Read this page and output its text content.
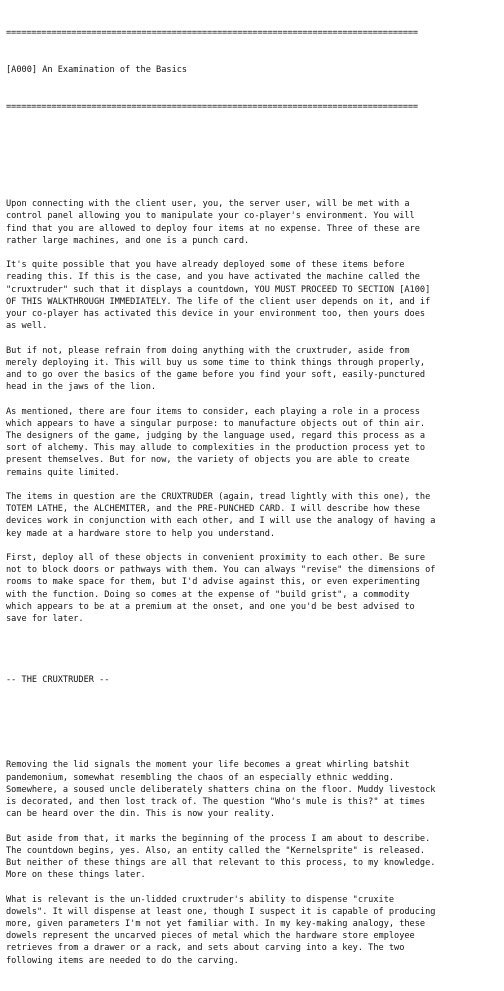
==================================================================================

[A000] An Examination of the Basics

==================================================================================

Upon connecting with the client user, you, the server user, will be met with a
control panel allowing you to manipulate your co-player's environment. You will
find that you are allowed to deploy four items at no expense. Three of these are
rather large machines, and one is a punch card.
It's quite possible that you have already deployed some of these items before
reading this. If this is the case, and you have activated the machine called the
"cruxtruder" such that it displays a countdown, YOU MUST PROCEED TO SECTION [A100]
OF THIS WALKTHROUGH IMMEDIATELY. The life of the client user depends on it, and if
your co-player has activated this device in your environment too, then yours does
as well.
But if not, please refrain from doing anything with the cruxtruder, aside from
merely deploying it. This will buy us some time to think things through properly,
and to go over the basics of the game before you find your soft, easily-punctured
head in the jaws of the lion.
As mentioned, there are four items to consider, each playing a role in a process
which appears to have a singular purpose: to manufacture objects out of thin air.
The designers of the game, judging by the language used, regard this process as a
sort of alchemy. This may allude to complexities in the production process yet to
present themselves. But for now, the variety of objects you are able to create
remains quite limited.
The items in question are the CRUXTRUDER (again, tread lightly with this one), the
TOTEM LATHE, the ALCHEMITER, and the PRE-PUNCHED CARD. I will describe how these
devices work in conjunction with each other, and I will use the analogy of having a
key made at a hardware store to help you understand.
First, deploy all of these objects in convenient proximity to each other. Be sure
not to block doors or pathways with them. You can always "revise" the dimensions of
rooms to make space for them, but I'd advise against this, or even experimenting
with the function. Doing so comes at the expense of "build grist", a commodity
which appears to be at a premium at the onset, and one you'd be best advised to
save for later.

-- THE CRUXTRUDER --

Removing the lid signals the moment your life becomes a great whirling batshit
pandemonium, somewhat resembling the chaos of an especially ethnic wedding.
Somewhere, a soused uncle deliberately shatters china on the floor. Muddy livestock
is decorated, and then lost track of. The question "Who's mule is this?" at times
can be heard over the din. This is now your reality.
But aside from that, it marks the beginning of the process I am about to describe.
The countdown begins, yes. Also, an entity called the "Kernelsprite" is released.
But neither of these things are all that relevant to this process, to my knowledge.
More on these things later.
What is relevant is the un-lidded cruxtruder's ability to dispense "cruxite
dowels". It will dispense at least one, though I suspect it is capable of producing
more, given parameters I'm not yet familiar with. In my key-making analogy, these
dowels represent the uncarved pieces of metal which the hardware store employee
retrieves from a drawer or a rack, and sets about carving into a key. The two
following items are needed to do the carving.
